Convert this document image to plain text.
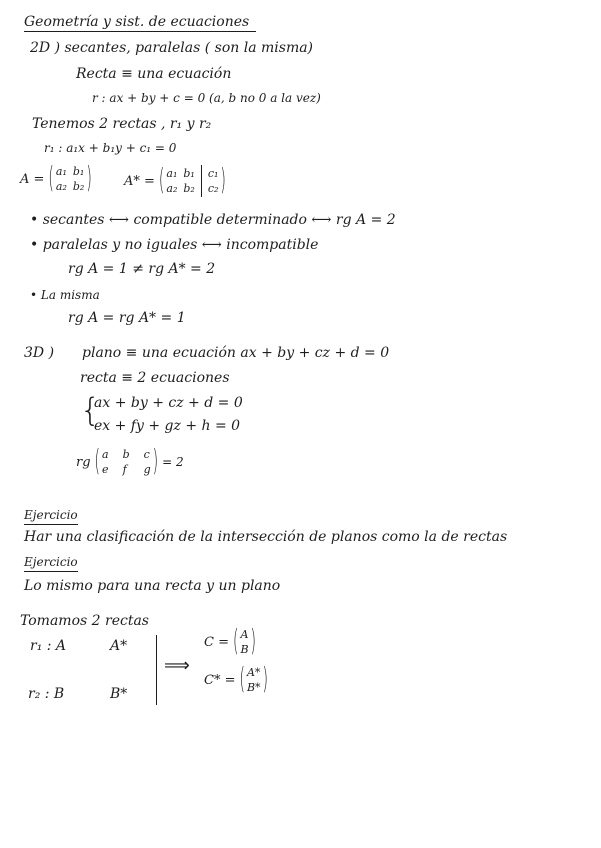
Geometría y sist. de ecuaciones
2D ) secantes, paralelas ( son la misma)
Recta ≡ una ecuación
r : ax + by + c = 0 (a, b no 0 a la vez)
Tenemos 2 rectas , r₁ y r₂
r₁ : a₁x + b₁y + c₁ = 0
A = ( a₁ b₁
a₂ b₂ ) A* = ( a₁ b₁
a₂ b₂
c₁
c₂ )
• secantes ⟷ compatible determinado ⟷ rg A = 2
• paralelas y no iguales ⟷ incompatible
rg A = 1 ≠ rg A* = 2
• La misma
rg A = rg A* = 1
3D ) plano ≡ una ecuación ax + by + cz + d = 0
recta ≡ 2 ecuaciones
{
ax + by + cz + d = 0
ex + fy + gz + h = 0
rg ( a b c
e f g ) = 2
Ejercicio
Har una clasificación de la intersección de planos como la de rectas
Ejercicio
Lo mismo para una recta y un plano
Tomamos 2 rectas
r₁ : A	A*
r₂ : B	B*
⟹
C = ( A
B )
C* = ( A*
B* )
